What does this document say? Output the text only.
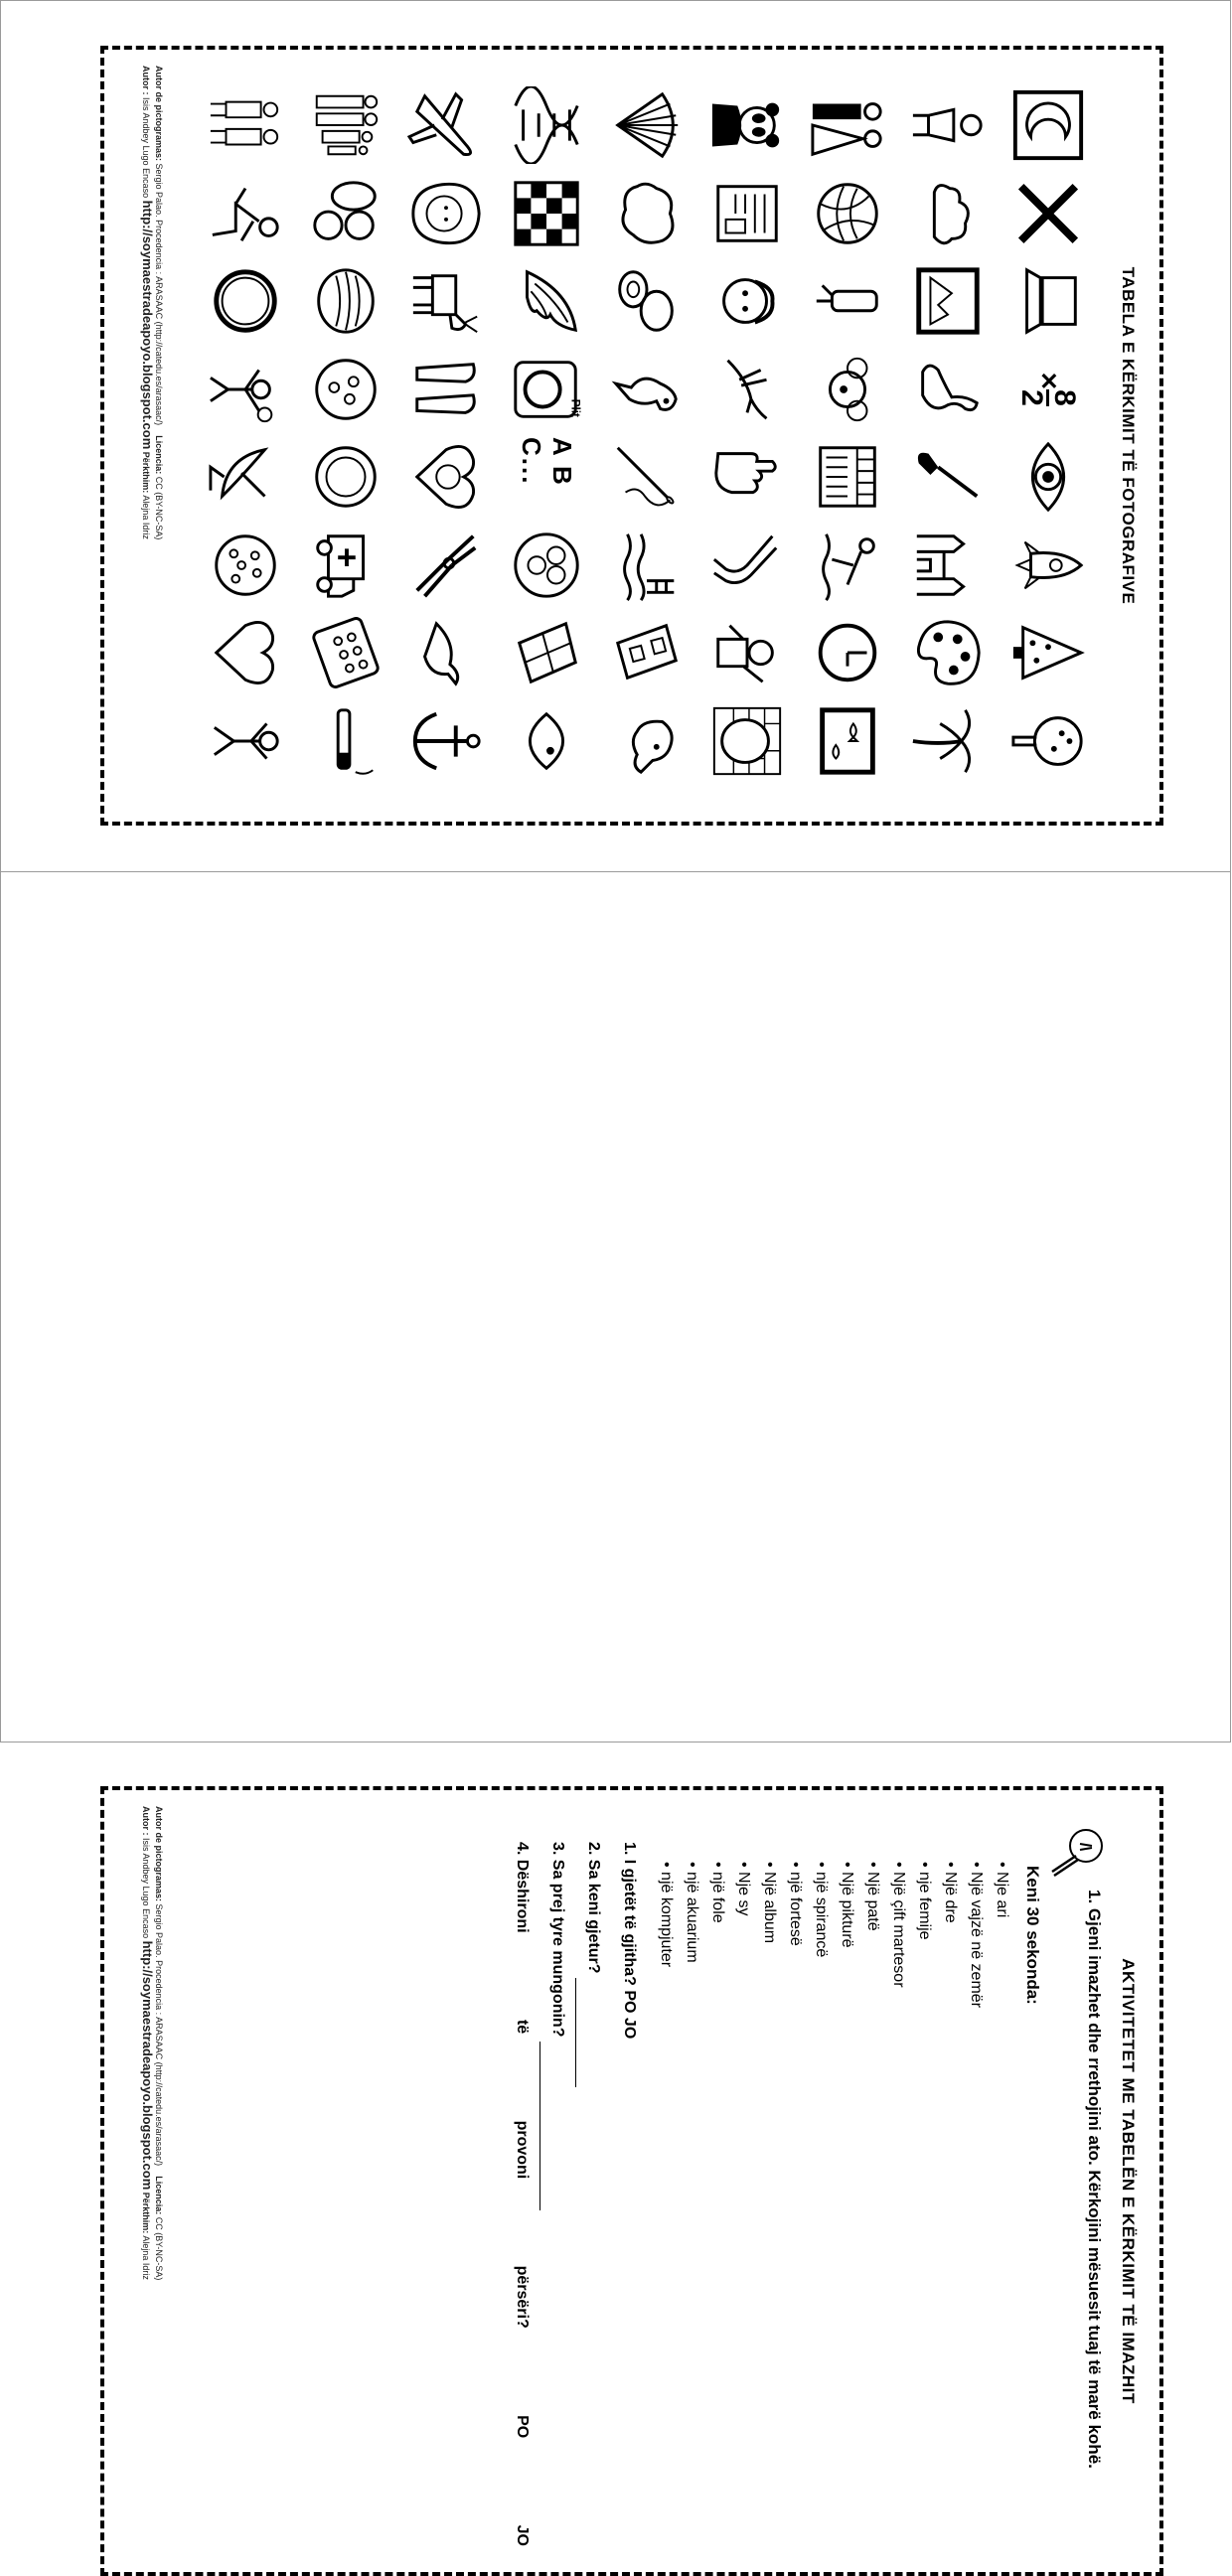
TABELA E KËRKIMIT TË FOTOGRAFIVE
×
8
2
Plit
A B C...
Autor de pictogramas: Sergio Palao. Procedencia : ARASAAC (http://catedu.es/arasaac/)    Licencia: CC (BY-NC-SA)
Autor : Isis Andbey Lugo Encaso http://soymaestradeapoyo.blogspot.com Përkthim: Alejna Idriz
AKTIVITETET ME TABELËN E KËRKIMIT TË IMAZHIT
1. Gjeni imazhet dhe rrethojini ato. Kërkojini mësuesit tuaj të marë kohë.
Keni 30 sekonda:
• Nje ari
• Një vajzë në zemër
• Një dre
• nje femije
• Një çift martesor
• Një patë
• Një pikturë
• një spirancë
• një fortesë
• Një album
• Nje sy
• një fole
• një akuarium
• një kompjuter
1. I gjetët të gjitha? PO JO
2. Sa keni gjetur?
3. Sa prej tyre mungonin?
4. Dëshironi
të
provoni
përsëri?
PO
JO
Autor de pictogramas: Sergio Palao. Procedencia : ARASAAC (http://catedu.es/arasaac/)    Licencia: CC (BY-NC-SA)
Autor : Isis Andbey Lugo Encaso http://soymaestradeapoyo.blogspot.com Përkthim: Alejna Idriz
